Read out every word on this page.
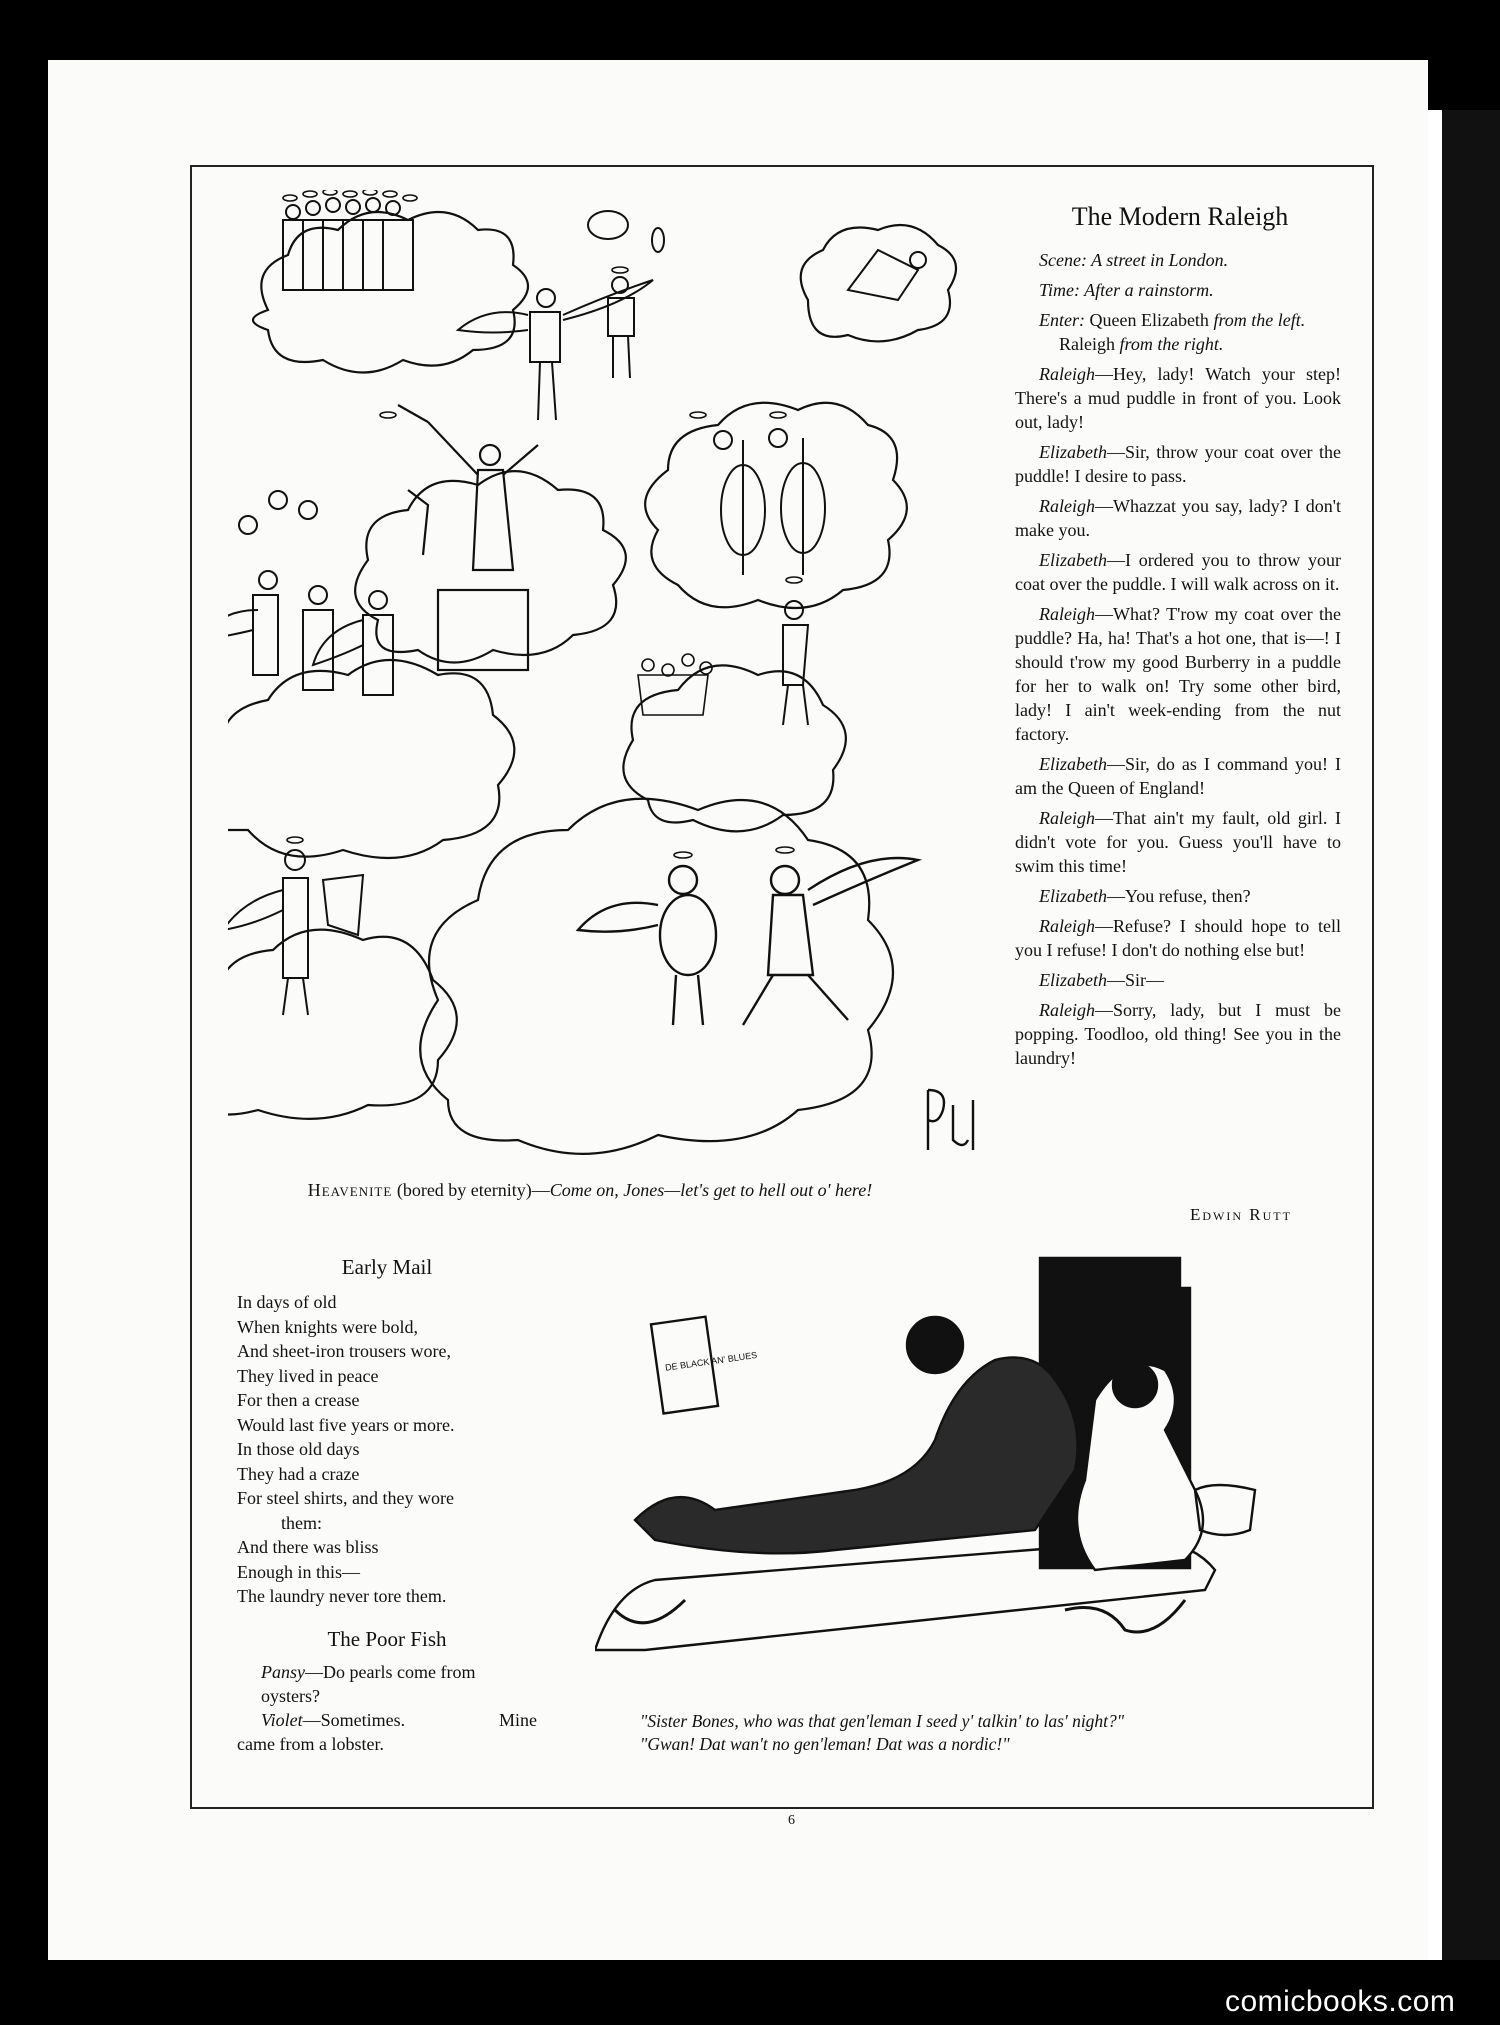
The Modern Raleigh

Scene: A street in London.

Time: After a rainstorm.

Enter: Queen Elizabeth from the left. Raleigh from the right.

Raleigh—Hey, lady! Watch your step! There's a mud puddle in front of you. Look out, lady!

Elizabeth—Sir, throw your coat over the puddle! I desire to pass.

Raleigh—Whazzat you say, lady? I don't make you.

Elizabeth—I ordered you to throw your coat over the puddle. I will walk across on it.

Raleigh—What? T'row my coat over the puddle? Ha, ha! That's a hot one, that is—! I should t'row my good Burberry in a puddle for her to walk on! Try some other bird, lady! I ain't week-ending from the nut factory.

Elizabeth—Sir, do as I command you! I am the Queen of England!

Raleigh—That ain't my fault, old girl. I didn't vote for you. Guess you'll have to swim this time!

Elizabeth—You refuse, then?

Raleigh—Refuse? I should hope to tell you I refuse! I don't do nothing else but!

Elizabeth—Sir—

Raleigh—Sorry, lady, but I must be popping. Toodloo, old thing! See you in the laundry!

Edwin Rutt
Heavenite (bored by eternity)—Come on, Jones—let's get to hell out o' here!
Early Mail
In days of old
When knights were bold,
And sheet-iron trousers wore,
They lived in peace
For then a crease
Would last five years or more.
In those old days
They had a craze
For steel shirts, and they wore
them:
And there was bliss
Enough in this—
The laundry never tore them.
The Poor Fish
Pansy—Do pearls come from oysters?
Violet—Sometimes.	Mine
came from a lobster.
DE BLACK AN' BLUES
"Sister Bones, who was that gen'leman I seed y' talkin' to las' night?"
"Gwan! Dat wan't no gen'leman! Dat was a nordic!"
6
comicbooks.com
